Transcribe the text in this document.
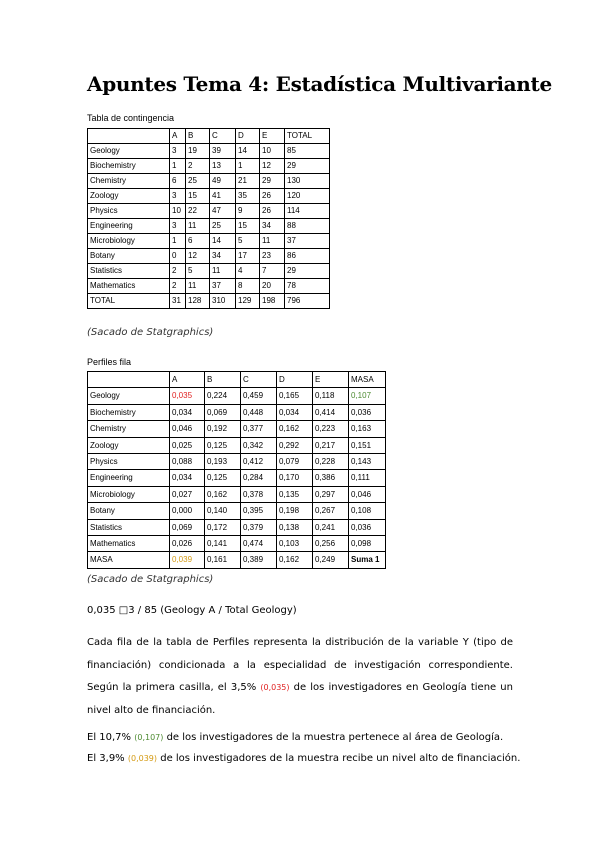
Apuntes Tema 4: Estadística Multivariante

Tabla de contingencia

	A	B	C	D	E	TOTAL
Geology	3	19	39	14	10	85
Biochemistry	1	2	13	1	12	29
Chemistry	6	25	49	21	29	130
Zoology	3	15	41	35	26	120
Physics	10	22	47	9	26	114
Engineering	3	11	25	15	34	88
Microbiology	1	6	14	5	11	37
Botany	0	12	34	17	23	86
Statistics	2	5	11	4	7	29
Mathematics	2	11	37	8	20	78
TOTAL	31	128	310	129	198	796

(Sacado de Statgraphics)

Perfiles fila

	A	B	C	D	E	MASA
Geology	0,035	0,224	0,459	0,165	0,118	0,107
Biochemistry	0,034	0,069	0,448	0,034	0,414	0,036
Chemistry	0,046	0,192	0,377	0,162	0,223	0,163
Zoology	0,025	0,125	0,342	0,292	0,217	0,151
Physics	0,088	0,193	0,412	0,079	0,228	0,143
Engineering	0,034	0,125	0,284	0,170	0,386	0,111
Microbiology	0,027	0,162	0,378	0,135	0,297	0,046
Botany	0,000	0,140	0,395	0,198	0,267	0,108
Statistics	0,069	0,172	0,379	0,138	0,241	0,036
Mathematics	0,026	0,141	0,474	0,103	0,256	0,098
MASA	0,039	0,161	0,389	0,162	0,249	Suma 1

(Sacado de Statgraphics)

0,035 □3 / 85 (Geology A / Total Geology)

Cada fila de la tabla de Perfiles representa la distribución de la variable Y (tipo de financiación) condicionada a la especialidad de investigación correspondiente. Según la primera casilla, el 3,5% (0,035) de los investigadores en Geología tiene un nivel alto de financiación.

El 10,7% (0,107) de los investigadores de la muestra pertenece al área de Geología.

El 3,9% (0,039) de los investigadores de la muestra recibe un nivel alto de financiación.
